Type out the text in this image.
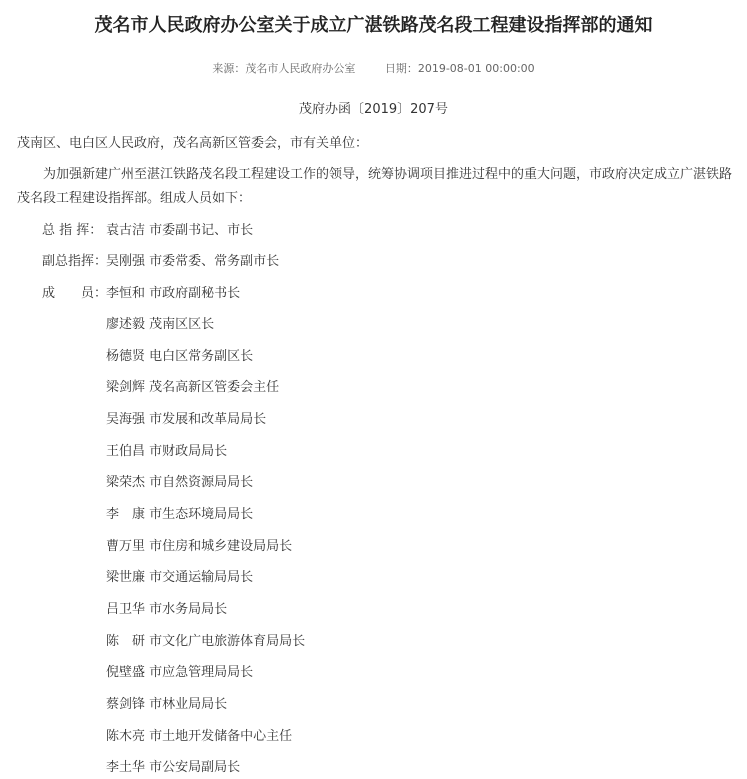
茂名市人民政府办公室关于成立广湛铁路茂名段工程建设指挥部的通知
来源：茂名市人民政府办公室	日期：2019-08-01 00:00:00
茂府办函〔2019〕207号
茂南区、电白区人民政府，茂名高新区管委会，市有关单位：
为加强新建广州至湛江铁路茂名段工程建设工作的领导，统筹协调项目推进过程中的重大问题，市政府决定成立广湛铁路茂名段工程建设指挥部。组成人员如下：
总 指 挥： 袁古洁 市委副书记、市长
副总指挥：
吴刚强 市委常委、常务副市长
成　　员：
李恒和 市政府副秘书长
廖述毅 茂南区区长
杨德贤 电白区常务副区长
梁剑辉 茂名高新区管委会主任
吴海强 市发展和改革局局长
王伯昌 市财政局局长
梁荣杰 市自然资源局局长
李　康 市生态环境局局长
曹万里 市住房和城乡建设局局长
梁世廉 市交通运输局局长
吕卫华 市水务局局长
陈　研 市文化广电旅游体育局局长
倪壁盛 市应急管理局局长
蔡剑锋 市林业局局长
陈木亮 市土地开发储备中心主任
李土华 市公安局副局长
